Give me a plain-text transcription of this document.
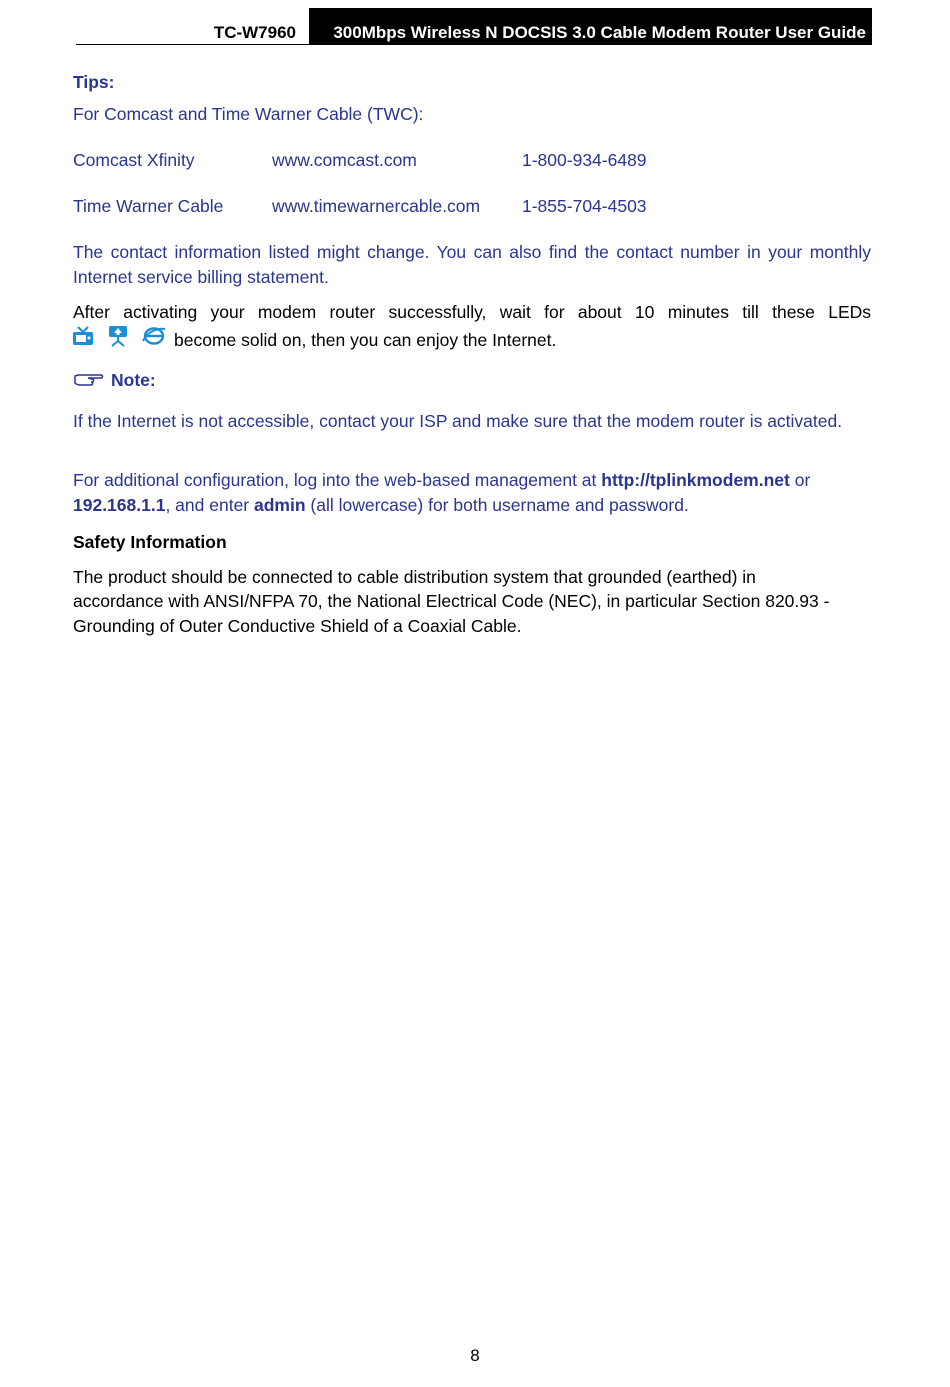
TC-W7960	300Mbps Wireless N DOCSIS 3.0 Cable Modem Router User Guide
Tips:
For Comcast and Time Warner Cable (TWC):
Comcast Xfinity	www.comcast.com	1-800-934-6489
Time Warner Cable	www.timewarnercable.com 1-855-704-4503
The contact information listed might change. You can also find the contact number in your monthly Internet service billing statement.
After activating your modem router successfully, wait for about 10 minutes till these LEDs
become solid on, then you can enjoy the Internet.
Note:
If the Internet is not accessible, contact your ISP and make sure that the modem router is activated.
For additional configuration, log into the web-based management at http://tplinkmodem.net or
192.168.1.1, and enter admin (all lowercase) for both username and password.
Safety Information
The product should be connected to cable distribution system that grounded (earthed) in
accordance with ANSI/NFPA 70, the National Electrical Code (NEC), in particular Section 820.93 -
Grounding of Outer Conductive Shield of a Coaxial Cable.
8
